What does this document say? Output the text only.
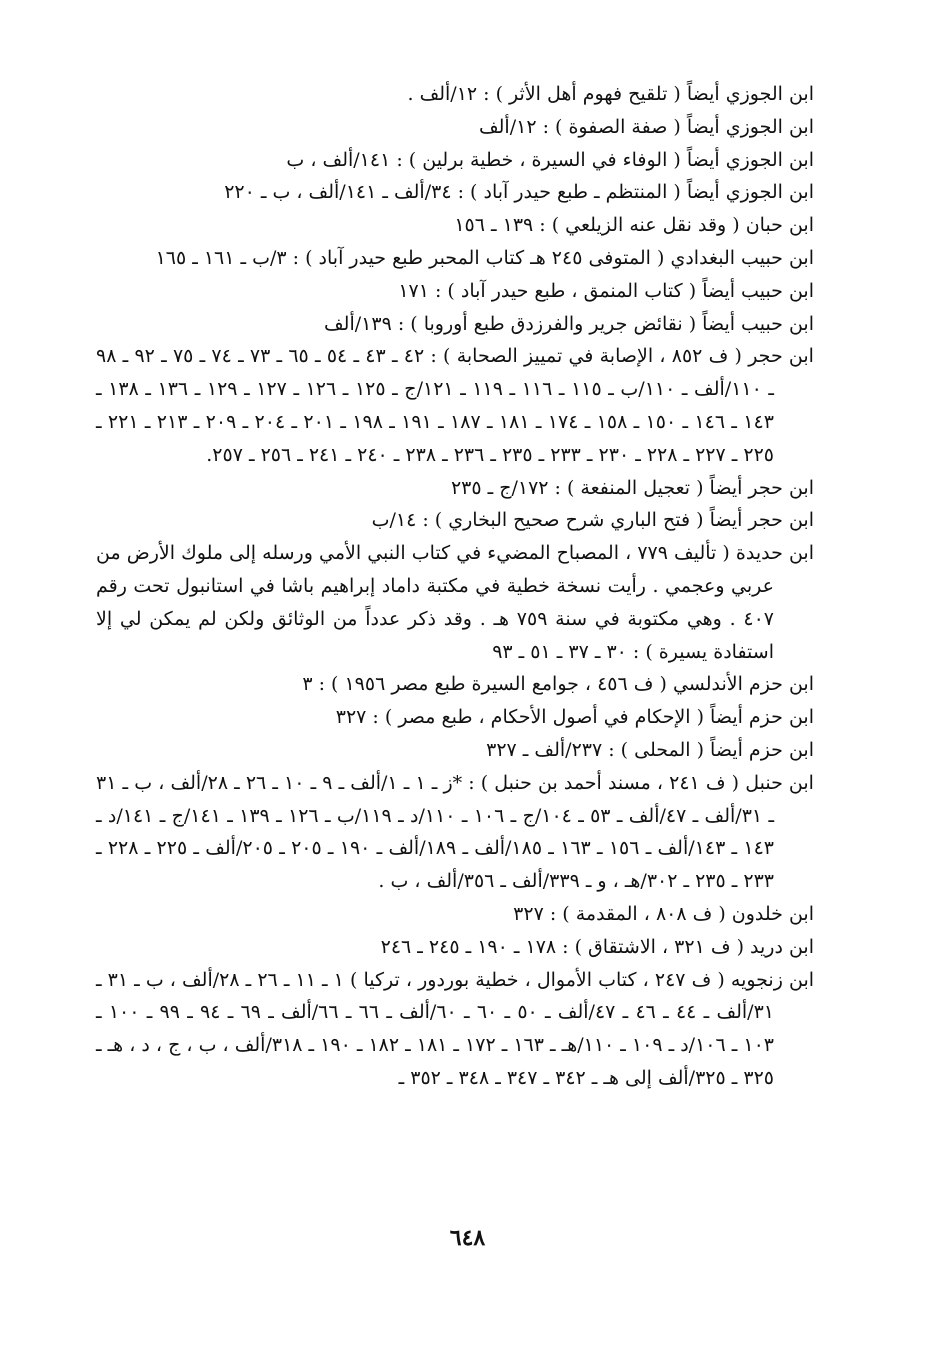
ابن الجوزي أيضاً ( تلقيح فهوم أهل الأثر ) : ١٢/ألف .

ابن الجوزي أيضاً ( صفة الصفوة ) : ١٢/ألف

ابن الجوزي أيضاً ( الوفاء في السيرة ، خطية برلين ) : ١٤١/ألف ، ب

ابن الجوزي أيضاً ( المنتظم ـ طبع حيدر آباد ) : ٣٤/ألف ـ ١٤١/ألف ، ب ـ ٢٢٠

ابن حبان ( وقد نقل عنه الزيلعي ) : ١٣٩ ـ ١٥٦

ابن حبيب البغدادي ( المتوفى ٢٤٥ هـ كتاب المحبر طبع حيدر آباد ) : ٣/ب ـ ١٦١ ـ ١٦٥

ابن حبيب أيضاً ( كتاب المنمق ، طبع حيدر آباد ) : ١٧١

ابن حبيب أيضاً ( نقائض جرير والفرزدق طبع أوروبا ) : ١٣٩/ألف

ابن حجر ( ف ٨٥٢ ، الإصابة في تمييز الصحابة ) : ٤٢ ـ ٤٣ ـ ٥٤ ـ ٦٥ ـ ٧٣ ـ ٧٤ ـ ٧٥ ـ ٩٢ ـ ٩٨ ـ ١١٠/ألف ـ ١١٠/ب ـ ١١٥ ـ ١١٦ ـ ١١٩ ـ ١٢١/ج ـ ١٢٥ ـ ١٢٦ ـ ١٢٧ ـ ١٢٩ ـ ١٣٦ ـ ١٣٨ ـ ١٤٣ ـ ١٤٦ ـ ١٥٠ ـ ١٥٨ ـ ١٧٤ ـ ١٨١ ـ ١٨٧ ـ ١٩١ ـ ١٩٨ ـ ٢٠١ ـ ٢٠٤ ـ ٢٠٩ ـ ٢١٣ ـ ٢٢١ ـ ٢٢٥ ـ ٢٢٧ ـ ٢٢٨ ـ ٢٣٠ ـ ٢٣٣ ـ ٢٣٥ ـ ٢٣٦ ـ ٢٣٨ ـ ٢٤٠ ـ ٢٤١ ـ ٢٥٦ ـ ٢٥٧.

ابن حجر أيضاً ( تعجيل المنفعة ) : ١٧٢/ج ـ ٢٣٥

ابن حجر أيضاً ( فتح الباري شرح صحيح البخاري ) : ١٤/ب

ابن حديدة ( تأليف ٧٧٩ ، المصباح المضيء في كتاب النبي الأمي ورسله إلى ملوك الأرض من عربي وعجمي . رأيت نسخة خطية في مكتبة داماد إبراهيم باشا في استانبول تحت رقم ٤٠٧ . وهي مكتوبة في سنة ٧٥٩ هـ . وقد ذكر عدداً من الوثائق ولكن لم يمكن لي إلا استفادة يسيرة ) : ٣٠ ـ ٣٧ ـ ٥١ ـ ٩٣

ابن حزم الأندلسي ( ف ٤٥٦ ، جوامع السيرة طبع مصر ١٩٥٦ ) : ٣

ابن حزم أيضاً ( الإحكام في أصول الأحكام ، طبع مصر ) : ٣٢٧

ابن حزم أيضاً ( المحلى ) : ٢٣٧/ألف ـ ٣٢٧

ابن حنبل ( ف ٢٤١ ، مسند أحمد بن حنبل ) : *ز ـ ١ ـ ١/ألف ـ ٩ ـ ١٠ ـ ٢٦ ـ ٢٨/ألف ، ب ـ ٣١ ـ ٣١/ألف ـ ٤٧/ألف ـ ٥٣ ـ ١٠٤/ج ـ ١٠٦ ـ ١١٠/د ـ ١١٩/ب ـ ١٢٦ ـ ١٣٩ ـ ١٤١/ج ـ ١٤١/د ـ ١٤٣ ـ ١٤٣/ألف ـ ١٥٦ ـ ١٦٣ ـ ١٨٥/ألف ـ ١٨٩/ألف ـ ١٩٠ ـ ٢٠٥ ـ ٢٠٥/ألف ـ ٢٢٥ ـ ٢٢٨ ـ ٢٣٣ ـ ٢٣٥ ـ ٣٠٢/هـ ، و ـ ٣٣٩/ألف ـ ٣٥٦/ألف ، ب .

ابن خلدون ( ف ٨٠٨ ، المقدمة ) : ٣٢٧

ابن دريد ( ف ٣٢١ ، الاشتقاق ) : ١٧٨ ـ ١٩٠ ـ ٢٤٥ ـ ٢٤٦

ابن زنجويه ( ف ٢٤٧ ، كتاب الأموال ، خطية بوردور ، تركيا ) ١ ـ ١١ ـ ٢٦ ـ ٢٨/ألف ، ب ـ ٣١ ـ ٣١/ألف ـ ٤٤ ـ ٤٦ ـ ٤٧/ألف ـ ٥٠ ـ ٦٠ ـ ٦٠/ألف ـ ٦٦ ـ ٦٦/ألف ـ ٦٩ ـ ٩٤ ـ ٩٩ ـ ١٠٠ ـ ١٠٣ ـ ١٠٦/د ـ ١٠٩ ـ ١١٠/هـ ـ ١٦٣ ـ ١٧٢ ـ ١٨١ ـ ١٨٢ ـ ١٩٠ ـ ٣١٨/ألف ، ب ، ج ، د ، هـ ـ ٣٢٥ ـ ٣٢٥/ألف إلى هـ ـ ٣٤٢ ـ ٣٤٧ ـ ٣٤٨ ـ ٣٥٢ ـ

٦٤٨
